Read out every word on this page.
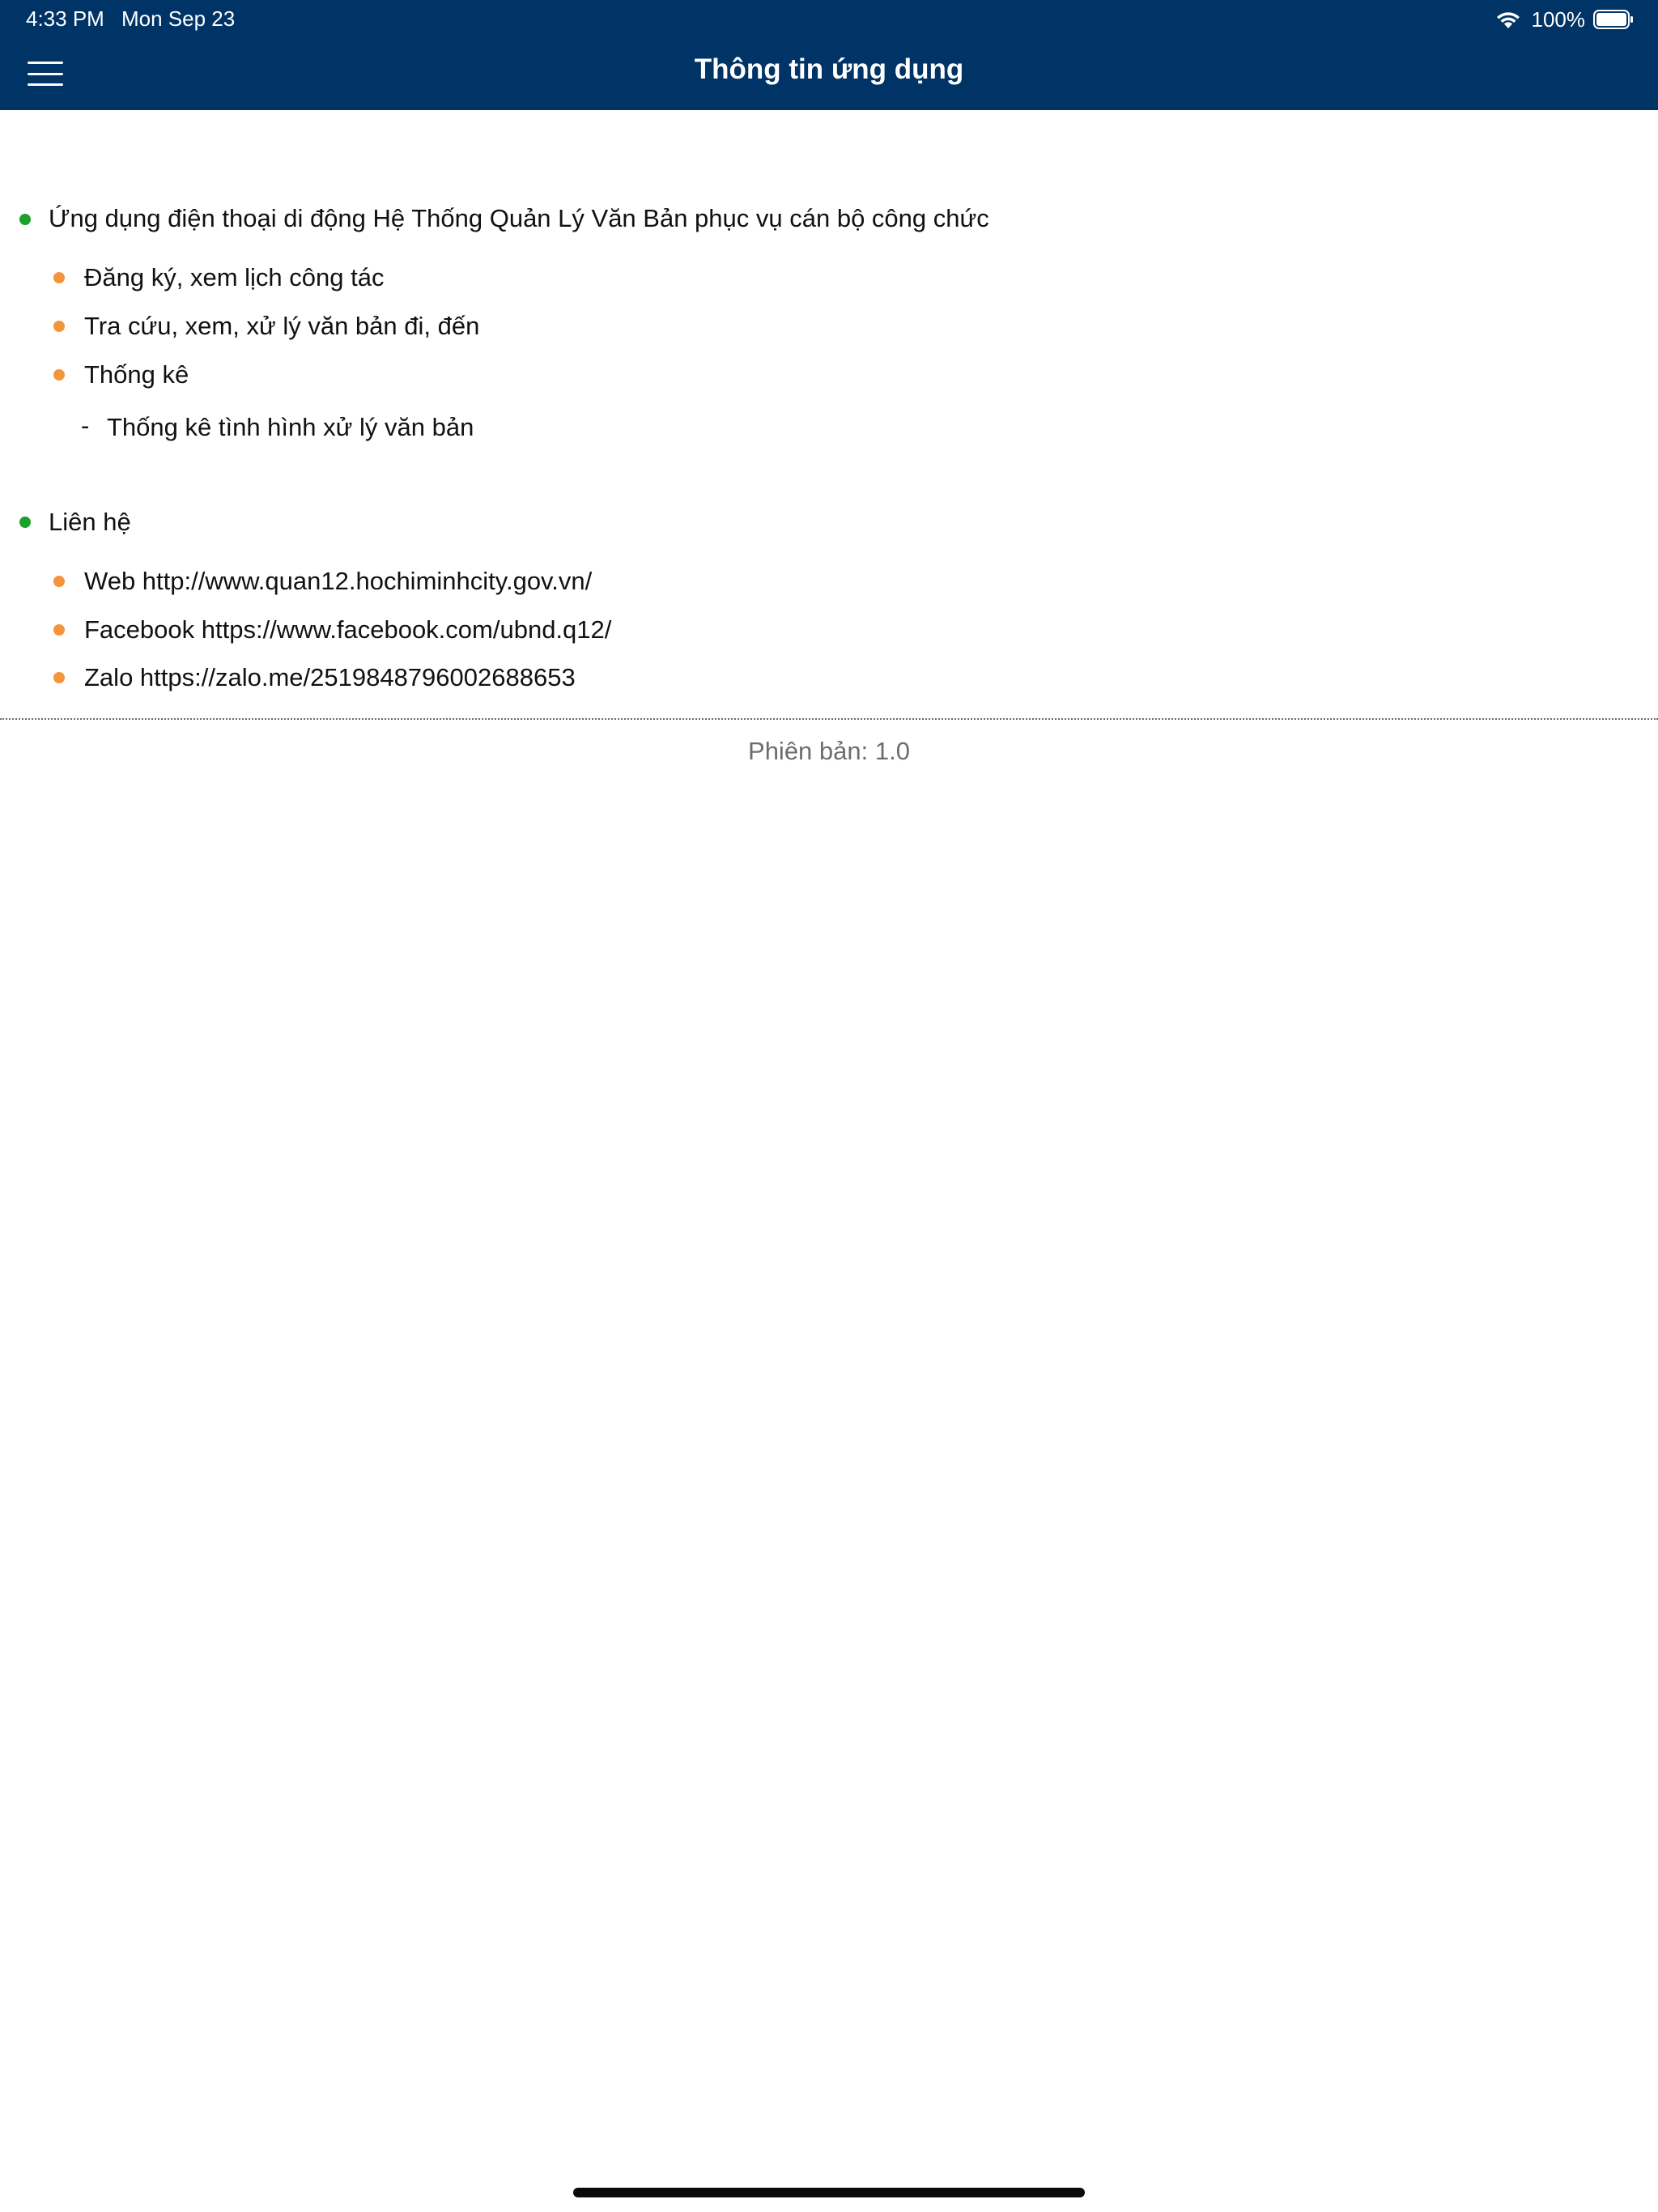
4:33 PM Mon Sep 23	100%
Thông tin ứng dụng
Ứng dụng điện thoại di động Hệ Thống Quản Lý Văn Bản phục vụ cán bộ công chức
Đăng ký, xem lịch công tác
Tra cứu, xem, xử lý văn bản đi, đến
Thống kê
- Thống kê tình hình xử lý văn bản
Liên hệ
Web http://www.quan12.hochiminhcity.gov.vn/
Facebook https://www.facebook.com/ubnd.q12/
Zalo https://zalo.me/2519848796002688653
Phiên bản: 1.0
